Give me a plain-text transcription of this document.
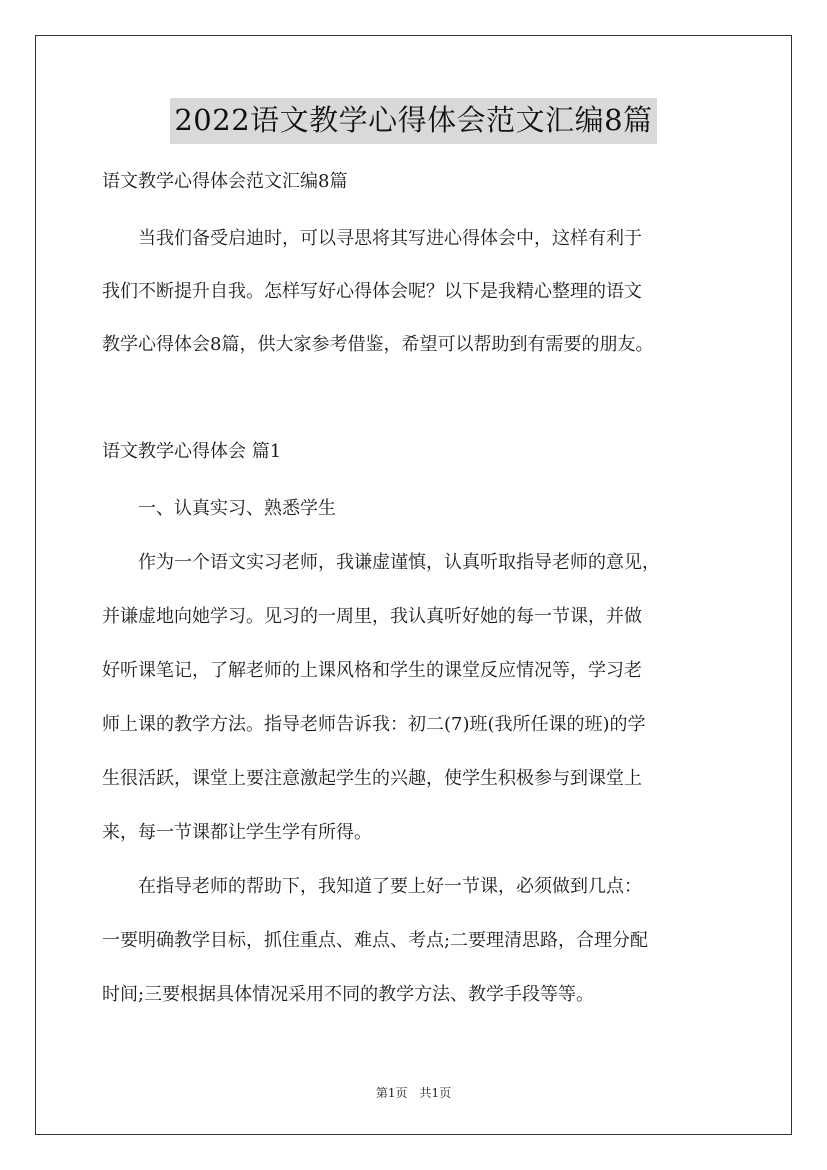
2022语文教学心得体会范文汇编8篇
语文教学心得体会范文汇编8篇
　　当我们备受启迪时，可以寻思将其写进心得体会中，这样有利于
我们不断提升自我。怎样写好心得体会呢？以下是我精心整理的语文
教学心得体会8篇，供大家参考借鉴，希望可以帮助到有需要的朋友。
语文教学心得体会 篇1
　　一、认真实习、熟悉学生
　　作为一个语文实习老师，我谦虚谨慎，认真听取指导老师的意见，
并谦虚地向她学习。见习的一周里，我认真听好她的每一节课，并做
好听课笔记，了解老师的上课风格和学生的课堂反应情况等，学习老
师上课的教学方法。指导老师告诉我：初二(7)班(我所任课的班)的学
生很活跃，课堂上要注意激起学生的兴趣，使学生积极参与到课堂上
来，每一节课都让学生学有所得。
　　在指导老师的帮助下，我知道了要上好一节课，必须做到几点：
一要明确教学目标，抓住重点、难点、考点;二要理清思路，合理分配
时间;三要根据具体情况采用不同的教学方法、教学手段等等。
第1页　共1页
